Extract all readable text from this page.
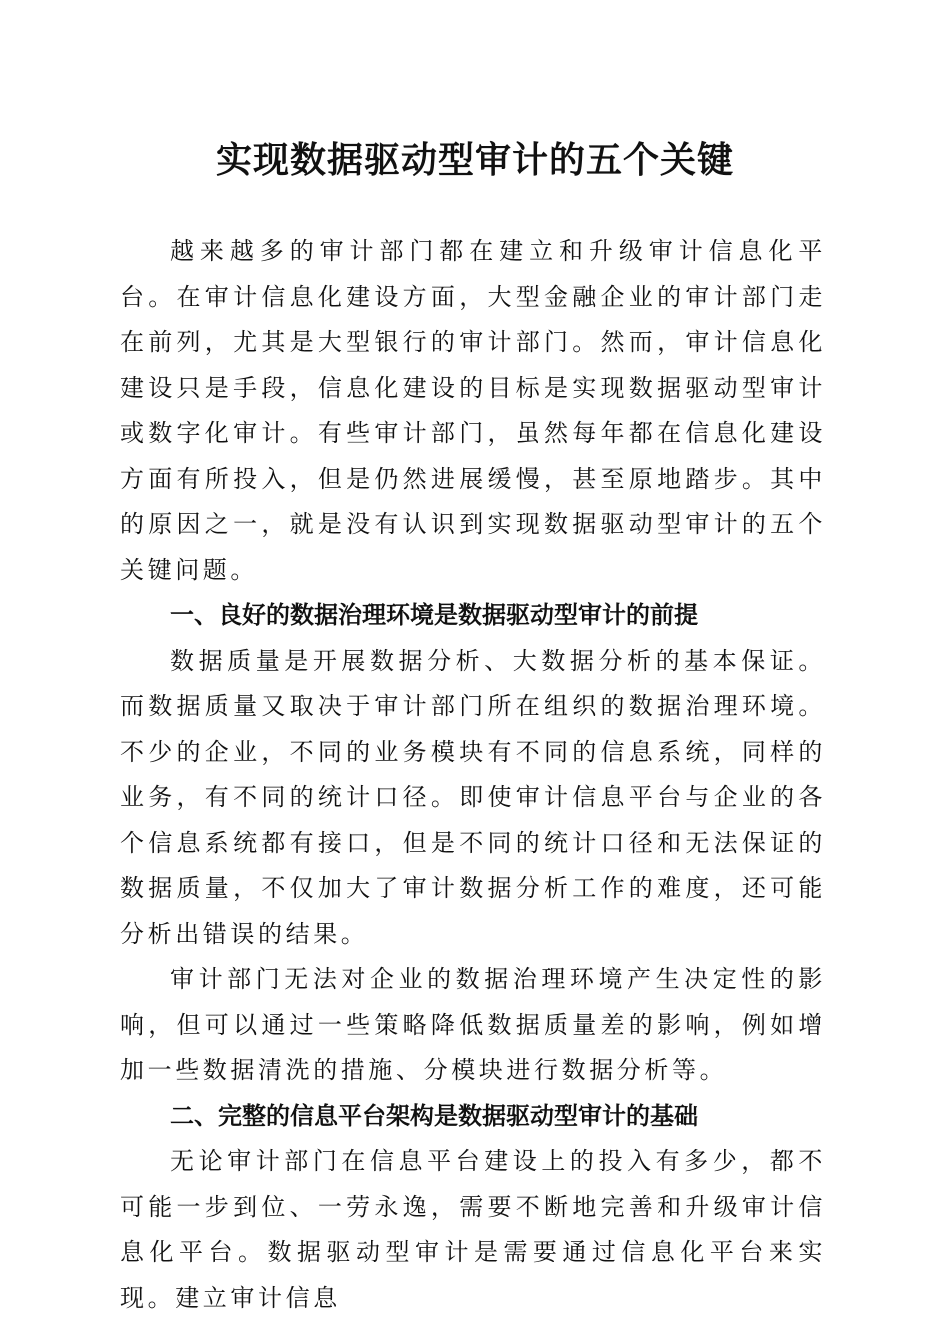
实现数据驱动型审计的五个关键

越来越多的审计部门都在建立和升级审计信息化平台。在审计信息化建设方面，大型金融企业的审计部门走在前列，尤其是大型银行的审计部门。然而，审计信息化建设只是手段，信息化建设的目标是实现数据驱动型审计或数字化审计。有些审计部门，虽然每年都在信息化建设方面有所投入，但是仍然进展缓慢，甚至原地踏步。其中的原因之一，就是没有认识到实现数据驱动型审计的五个关键问题。

一、良好的数据治理环境是数据驱动型审计的前提

数据质量是开展数据分析、大数据分析的基本保证。而数据质量又取决于审计部门所在组织的数据治理环境。不少的企业，不同的业务模块有不同的信息系统，同样的业务，有不同的统计口径。即使审计信息平台与企业的各个信息系统都有接口，但是不同的统计口径和无法保证的数据质量，不仅加大了审计数据分析工作的难度，还可能分析出错误的结果。

审计部门无法对企业的数据治理环境产生决定性的影响，但可以通过一些策略降低数据质量差的影响，例如增加一些数据清洗的措施、分模块进行数据分析等。

二、完整的信息平台架构是数据驱动型审计的基础

无论审计部门在信息平台建设上的投入有多少，都不可能一步到位、一劳永逸，需要不断地完善和升级审计信息化平台。数据驱动型审计是需要通过信息化平台来实现。建立审计信息
